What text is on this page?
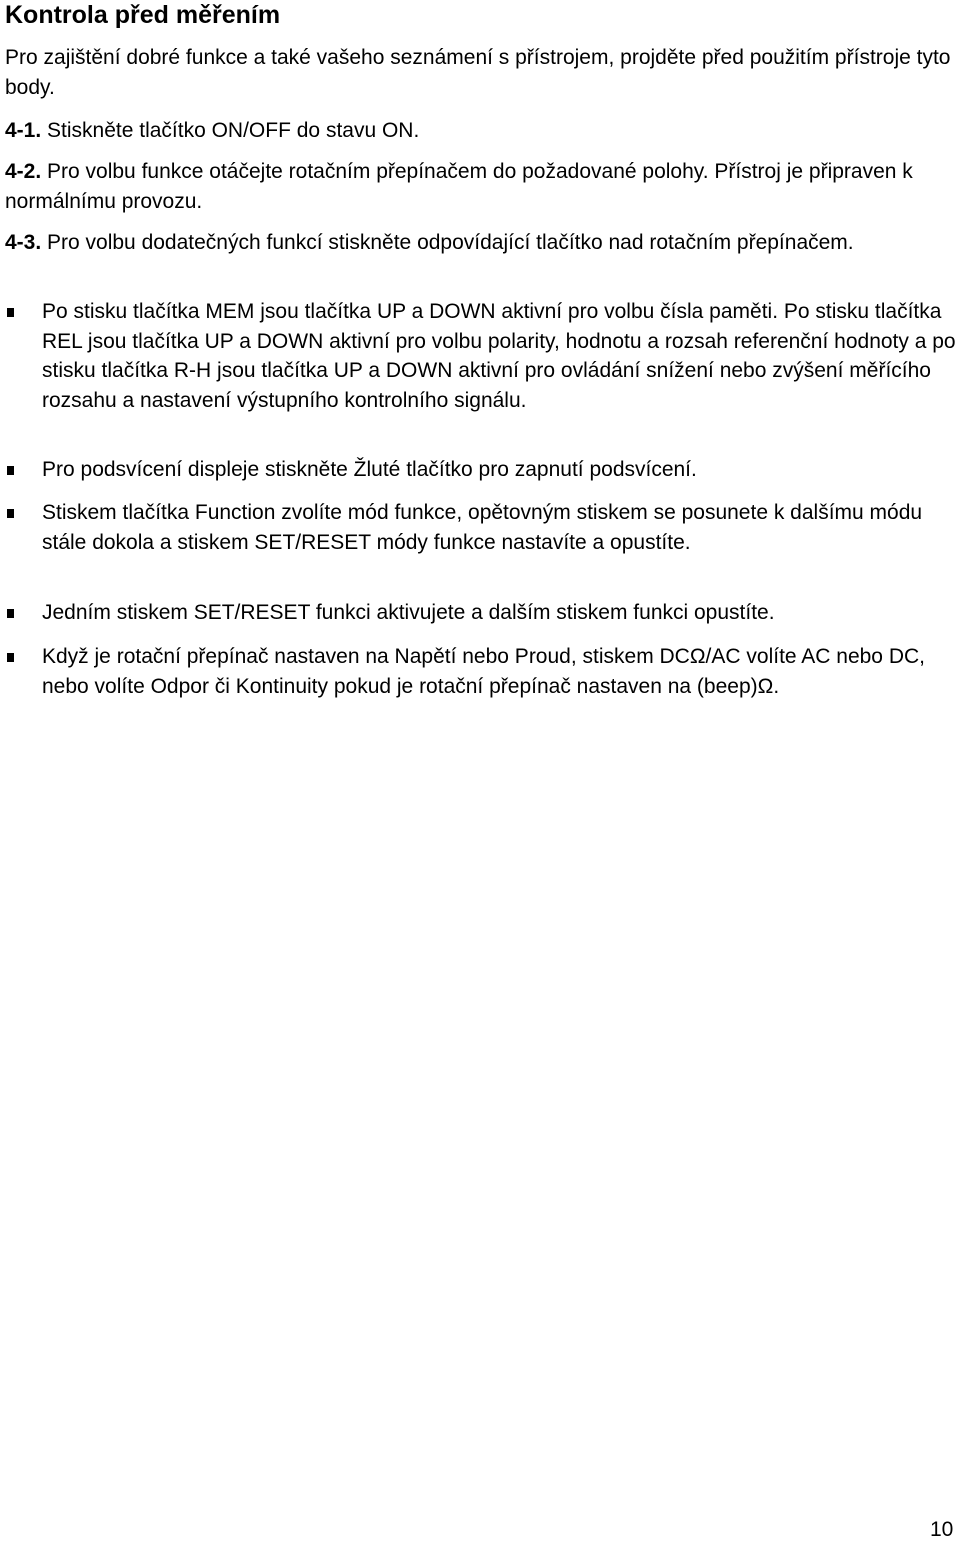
Kontrola před měřením

Pro zajištění dobré funkce a také vašeho seznámení s přístrojem, projděte před použitím přístroje tyto body.

4-1. Stiskněte tlačítko ON/OFF do stavu ON.

4-2. Pro volbu funkce otáčejte rotačním přepínačem do požadované polohy. Přístroj je připraven k normálnímu provozu.

4-3. Pro volbu dodatečných funkcí stiskněte odpovídající tlačítko nad rotačním přepínačem.

Po stisku tlačítka MEM jsou tlačítka UP a DOWN aktivní pro volbu čísla paměti. Po stisku tlačítka REL jsou tlačítka UP a DOWN aktivní pro volbu polarity, hodnotu a rozsah referenční hodnoty a po stisku tlačítka R-H jsou tlačítka UP a DOWN aktivní pro ovládání snížení nebo zvýšení měřícího rozsahu a nastavení výstupního kontrolního signálu.

Pro podsvícení displeje stiskněte Žluté tlačítko pro zapnutí podsvícení.

Stiskem tlačítka Function zvolíte mód funkce, opětovným stiskem se posunete k dalšímu módu stále dokola a stiskem SET/RESET módy funkce nastavíte a opustíte.

Jedním stiskem SET/RESET funkci aktivujete a dalším stiskem funkci opustíte.

Když je rotační přepínač nastaven na Napětí nebo Proud, stiskem DCΩ/AC volíte AC nebo DC, nebo volíte Odpor či Kontinuity pokud je rotační přepínač nastaven na (beep)Ω.

10
